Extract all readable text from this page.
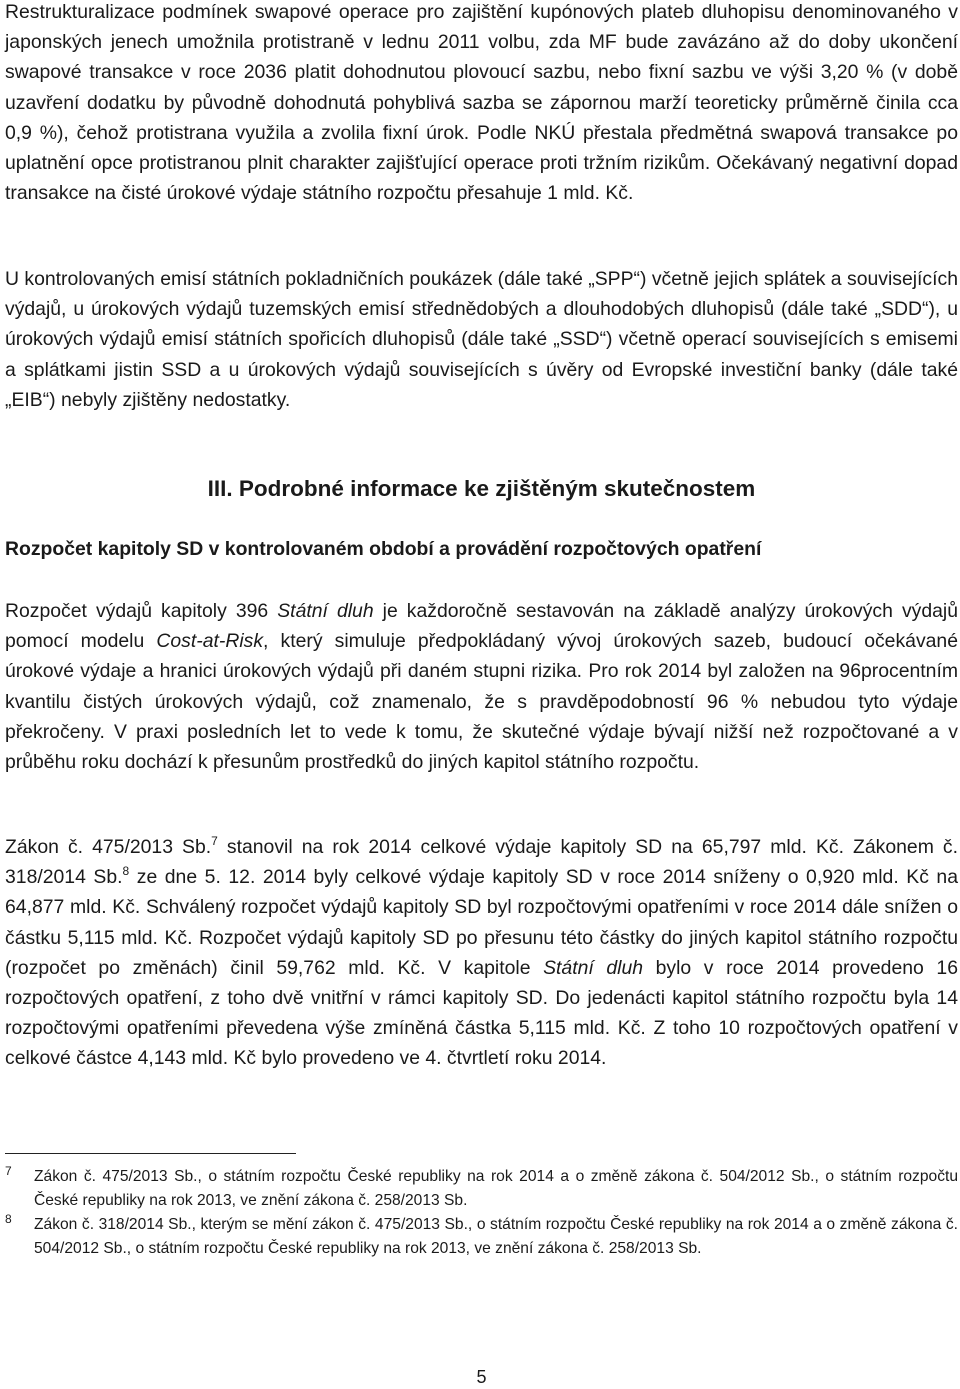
Restrukturalizace podmínek swapové operace pro zajištění kupónových plateb dluhopisu denominovaného v japonských jenech umožnila protistraně v lednu 2011 volbu, zda MF bude zavázáno až do doby ukončení swapové transakce v roce 2036 platit dohodnutou plovoucí sazbu, nebo fixní sazbu ve výši 3,20 % (v době uzavření dodatku by původně dohodnutá pohyblivá sazba se zápornou marží teoreticky průměrně činila cca 0,9 %), čehož protistrana využila a zvolila fixní úrok. Podle NKÚ přestala předmětná swapová transakce po uplatnění opce protistranou plnit charakter zajišťující operace proti tržním rizikům. Očekávaný negativní dopad transakce na čisté úrokové výdaje státního rozpočtu přesahuje 1 mld. Kč.

U kontrolovaných emisí státních pokladničních poukázek (dále také „SPP“) včetně jejich splátek a souvisejících výdajů, u úrokových výdajů tuzemských emisí střednědobých a dlouhodobých dluhopisů (dále také „SDD“), u úrokových výdajů emisí státních spořicích dluhopisů (dále také „SSD“) včetně operací souvisejících s emisemi a splátkami jistin SSD a u úrokových výdajů souvisejících s úvěry od Evropské investiční banky (dále také „EIB“) nebyly zjištěny nedostatky.

III. Podrobné informace ke zjištěným skutečnostem
Rozpočet kapitoly SD v kontrolovaném období a provádění rozpočtových opatření

Rozpočet výdajů kapitoly 396 Státní dluh je každoročně sestavován na základě analýzy úrokových výdajů pomocí modelu Cost-at-Risk, který simuluje předpokládaný vývoj úrokových sazeb, budoucí očekávané úrokové výdaje a hranici úrokových výdajů při daném stupni rizika. Pro rok 2014 byl založen na 96procentním kvantilu čistých úrokových výdajů, což znamenalo, že s pravděpodobností 96 % nebudou tyto výdaje překročeny. V praxi posledních let to vede k tomu, že skutečné výdaje bývají nižší než rozpočtované a v průběhu roku dochází k přesunům prostředků do jiných kapitol státního rozpočtu.

Zákon č. 475/2013 Sb.$^7$ stanovil na rok 2014 celkové výdaje kapitoly SD na 65,797 mld. Kč. Zákonem č. 318/2014 Sb.$^8$ ze dne 5. 12. 2014 byly celkové výdaje kapitoly SD v roce 2014 sníženy o 0,920 mld. Kč na 64,877 mld. Kč. Schválený rozpočet výdajů kapitoly SD byl rozpočtovými opatřeními v roce 2014 dále snížen o částku 5,115 mld. Kč. Rozpočet výdajů kapitoly SD po přesunu této částky do jiných kapitol státního rozpočtu (rozpočet po změnách) činil 59,762 mld. Kč. V kapitole Státní dluh bylo v roce 2014 provedeno 16 rozpočtových opatření, z toho dvě vnitřní v rámci kapitoly SD. Do jedenácti kapitol státního rozpočtu byla 14 rozpočtovými opatřeními převedena výše zmíněná částka 5,115 mld. Kč. Z toho 10 rozpočtových opatření v celkové částce 4,143 mld. Kč bylo provedeno ve 4. čtvrtletí roku 2014.

7 Zákon č. 475/2013 Sb., o státním rozpočtu České republiky na rok 2014 a o změně zákona č. 504/2012 Sb., o státním rozpočtu České republiky na rok 2013, ve znění zákona č. 258/2013 Sb.
8 Zákon č. 318/2014 Sb., kterým se mění zákon č. 475/2013 Sb., o státním rozpočtu České republiky na rok 2014 a o změně zákona č. 504/2012 Sb., o státním rozpočtu České republiky na rok 2013, ve znění zákona č. 258/2013 Sb.
5
